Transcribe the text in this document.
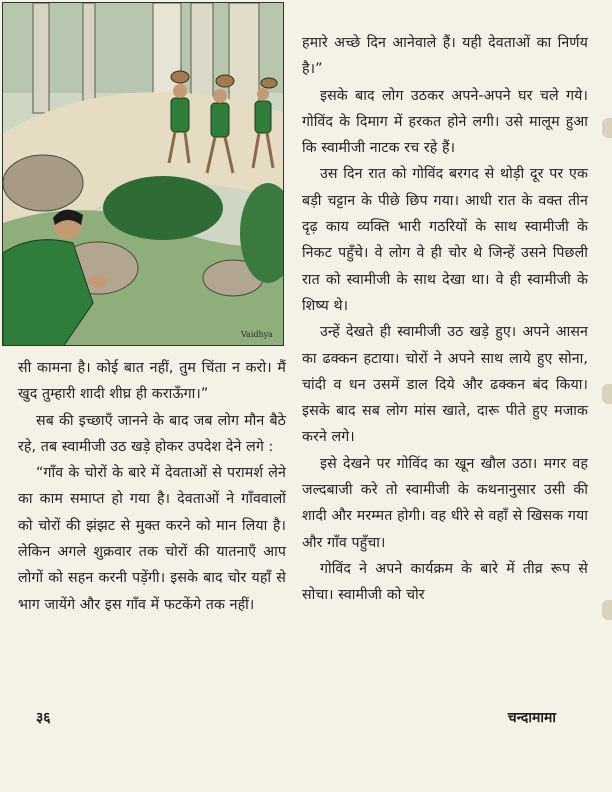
Vaidhya

हमारे अच्छे दिन आनेवाले हैं। यही देवताओं का निर्णय है।”

इसके बाद लोग उठकर अपने-अपने घर चले गये। गोविंद के दिमाग में हरकत होने लगी। उसे मालूम हुआ कि स्वामीजी नाटक रच रहे हैं।

उस दिन रात को गोविंद बरगद से थोड़ी दूर पर एक बड़ी चट्टान के पीछे छिप गया। आधी रात के वक्त तीन दृढ़ काय व्यक्ति भारी गठरियों के साथ स्वामीजी के निकट पहुँचे। वे लोग वे ही चोर थे जिन्हें उसने पिछली रात को स्वामीजी के साथ देखा था। वे ही स्वामीजी के शिष्य थे।

उन्हें देखते ही स्वामीजी उठ खड़े हुए। अपने आसन का ढक्कन हटाया। चोरों ने अपने साथ लाये हुए सोना, चांदी व धन उसमें डाल दिये और ढक्कन बंद किया। इसके बाद सब लोग मांस खाते, दारू पीते हुए मजाक करने लगे।

इसे देखने पर गोविंद का खून खौल उठा। मगर वह जल्दबाजी करे तो स्वामीजी के कथनानुसार उसी की शादी और मरम्मत होगी। वह धीरे से वहाँ से खिसक गया और गाँव पहुँचा।

गोविंद ने अपने कार्यक्रम के बारे में तीव्र रूप से सोचा। स्वामीजी को चोर

सी कामना है। कोई बात नहीं, तुम चिंता न करो। मैं खुद तुम्हारी शादी शीघ्र ही कराऊँगा।”

सब की इच्छाएँ जानने के बाद जब लोग मौन बैठे रहे, तब स्वामीजी उठ खड़े होकर उपदेश देने लगे :

“गाँव के चोरों के बारे में देवताओं से परामर्श लेने का काम समाप्त हो गया है। देवताओं ने गाँववालों को चोरों की झंझट से मुक्त करने को मान लिया है। लेकिन अगले शुक्रवार तक चोरों की यातनाएँ आप लोगों को सहन करनी पड़ेंगी। इसके बाद चोर यहाँ से भाग जायेंगे और इस गाँव में फटकेंगे तक नहीं।

३६	चन्दामामा
